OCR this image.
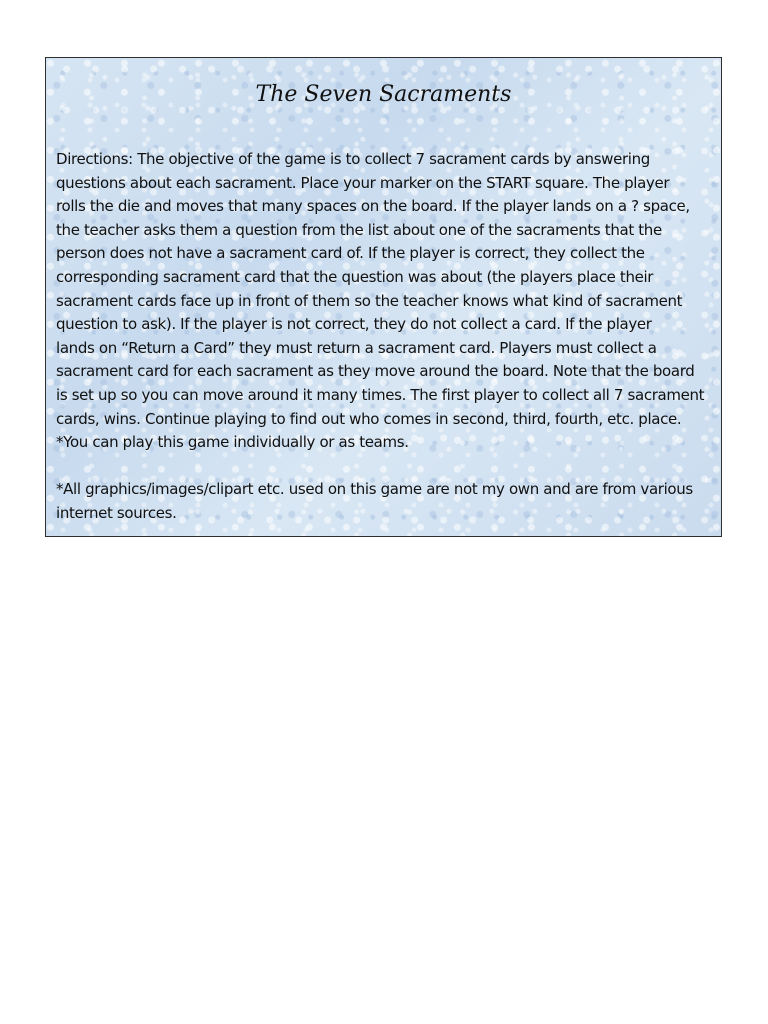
The Seven Sacraments

Directions: The objective of the game is to collect 7 sacrament cards by answering
questions about each sacrament. Place your marker on the START square. The player
rolls the die and moves that many spaces on the board. If the player lands on a ? space,
the teacher asks them a question from the list about one of the sacraments that the
person does not have a sacrament card of. If the player is correct, they collect the
corresponding sacrament card that the question was about (the players place their
sacrament cards face up in front of them so the teacher knows what kind of sacrament
question to ask). If the player is not correct, they do not collect a card. If the player
lands on “Return a Card” they must return a sacrament card. Players must collect a
sacrament card for each sacrament as they move around the board. Note that the board
is set up so you can move around it many times. The first player to collect all 7 sacrament
cards, wins. Continue playing to find out who comes in second, third, fourth, etc. place.
*You can play this game individually or as teams.

*All graphics/images/clipart etc. used on this game are not my own and are from various
internet sources.
